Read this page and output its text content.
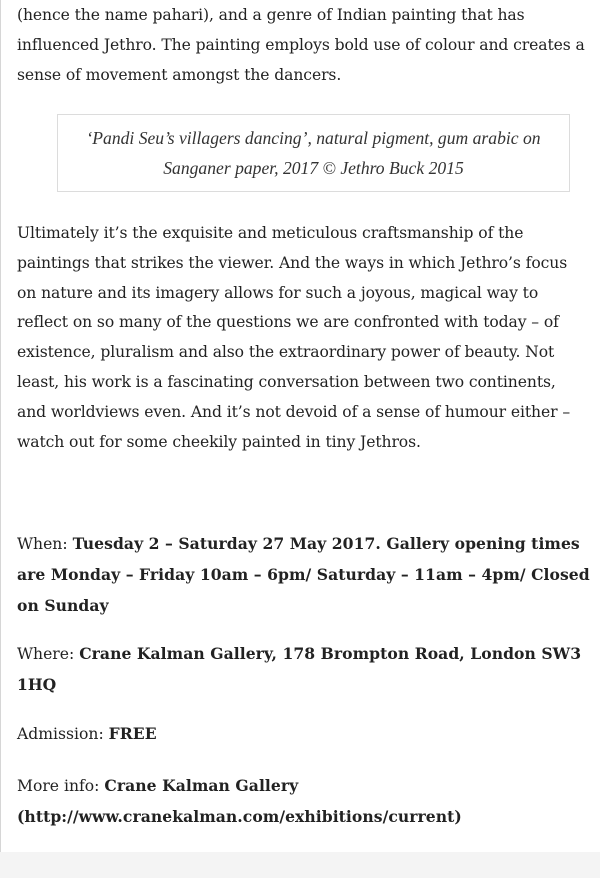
(hence the name pahari), and a genre of Indian painting that has influenced Jethro. The painting employs bold use of colour and creates a sense of movement amongst the dancers.

‘Pandi Seu’s villagers dancing’, natural pigment, gum arabic on
Sanganer paper, 2017 © Jethro Buck 2015

Ultimately it’s the exquisite and meticulous craftsmanship of the paintings that strikes the viewer. And the ways in which Jethro’s focus on nature and its imagery allows for such a joyous, magical way to reflect on so many of the questions we are confronted with today – of existence, pluralism and also the extraordinary power of beauty. Not least, his work is a fascinating conversation between two continents, and worldviews even. And it’s not devoid of a sense of humour either – watch out for some cheekily painted in tiny Jethros.

When: Tuesday 2 – Saturday 27 May 2017. Gallery opening times are Monday – Friday 10am – 6pm/ Saturday – 11am – 4pm/ Closed on Sunday

Where: Crane Kalman Gallery, 178 Brompton Road, London SW3 1HQ

Admission: FREE

More info: Crane Kalman Gallery (http://www.cranekalman.com/exhibitions/current)
